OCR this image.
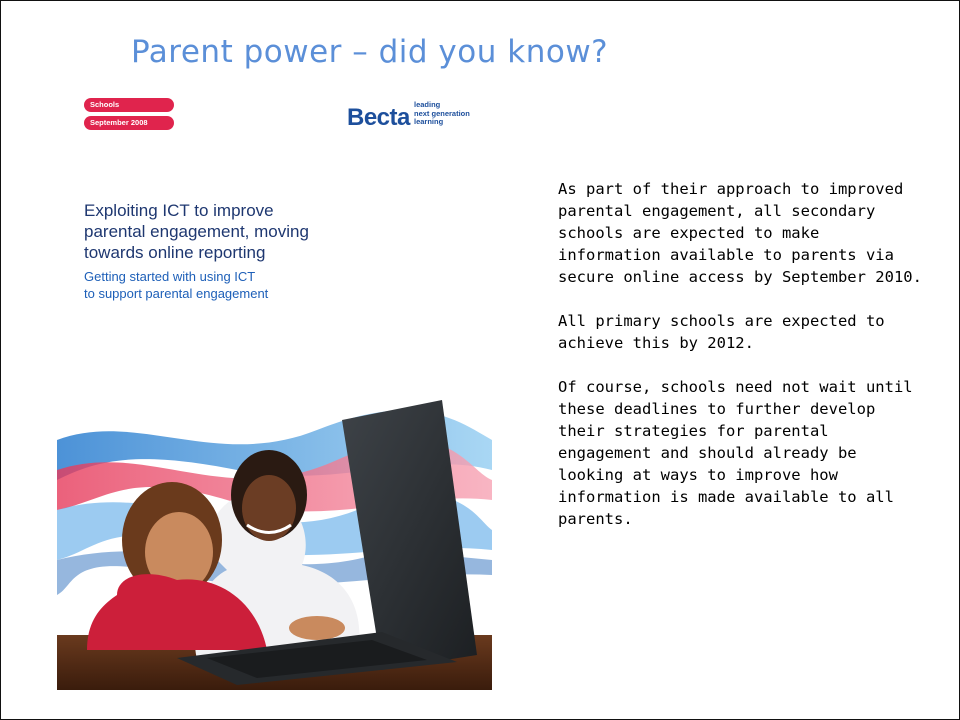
Parent power – did you know?
Schools
September 2008	Becta leading
next generation
learning
Exploiting ICT to improve
parental engagement, moving
towards online reporting
Getting started with using ICT
to support parental engagement

As part of their approach to improved parental engagement, all secondary schools are expected to make information available to parents via secure online access by September 2010.

All primary schools are expected to achieve this by 2012.

Of course, schools need not wait until these deadlines to further develop their strategies for parental engagement and should already be looking at ways to improve how information is made available to all parents.
